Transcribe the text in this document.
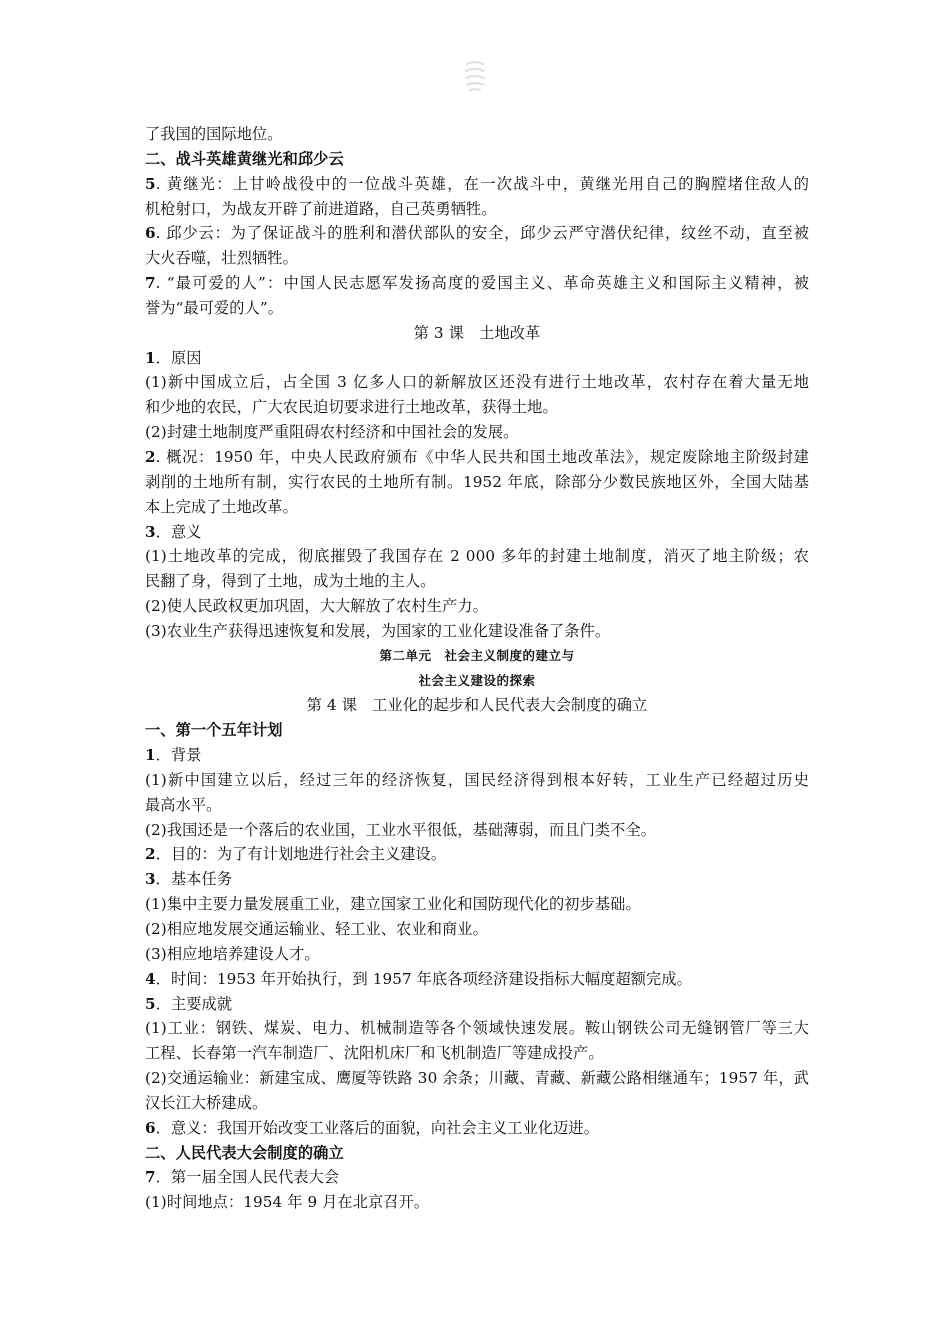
了我国的国际地位。
二、战斗英雄黄继光和邱少云
5. 黄继光：上甘岭战役中的一位战斗英雄，在一次战斗中，黄继光用自己的胸膛堵住敌人的
机枪射口，为战友开辟了前进道路，自己英勇牺牲。
6. 邱少云：为了保证战斗的胜利和潜伏部队的安全，邱少云严守潜伏纪律，纹丝不动，直至被
大火吞噬，壮烈牺牲。
7. “最可爱的人”：中国人民志愿军发扬高度的爱国主义、革命英雄主义和国际主义精神，被
誉为“最可爱的人”。
第 3 课　土地改革
1．原因
(1)新中国成立后，占全国 3 亿多人口的新解放区还没有进行土地改革，农村存在着大量无地
和少地的农民，广大农民迫切要求进行土地改革，获得土地。
(2)封建土地制度严重阻碍农村经济和中国社会的发展。
2. 概况：1950 年，中央人民政府颁布《中华人民共和国土地改革法》，规定废除地主阶级封建
剥削的土地所有制，实行农民的土地所有制。1952 年底，除部分少数民族地区外，全国大陆基
本上完成了土地改革。
3．意义
(1)土地改革的完成，彻底摧毁了我国存在 2 000 多年的封建土地制度，消灭了地主阶级；农
民翻了身，得到了土地，成为土地的主人。
(2)使人民政权更加巩固，大大解放了农村生产力。
(3)农业生产获得迅速恢复和发展，为国家的工业化建设准备了条件。
第二单元　社会主义制度的建立与
社会主义建设的探索
第 4 课　工业化的起步和人民代表大会制度的确立
一、第一个五年计划
1．背景
(1)新中国建立以后，经过三年的经济恢复，国民经济得到根本好转，工业生产已经超过历史
最高水平。
(2)我国还是一个落后的农业国，工业水平很低，基础薄弱，而且门类不全。
2．目的：为了有计划地进行社会主义建设。
3．基本任务
(1)集中主要力量发展重工业，建立国家工业化和国防现代化的初步基础。
(2)相应地发展交通运输业、轻工业、农业和商业。
(3)相应地培养建设人才。
4．时间：1953 年开始执行，到 1957 年底各项经济建设指标大幅度超额完成。
5．主要成就
(1)工业：钢铁、煤炭、电力、机械制造等各个领域快速发展。鞍山钢铁公司无缝钢管厂等三大
工程、长春第一汽车制造厂、沈阳机床厂和飞机制造厂等建成投产。
(2)交通运输业：新建宝成、鹰厦等铁路 30 余条；川藏、青藏、新藏公路相继通车；1957 年，武
汉长江大桥建成。
6．意义：我国开始改变工业落后的面貌，向社会主义工业化迈进。
二、人民代表大会制度的确立
7．第一届全国人民代表大会
(1)时间地点：1954 年 9 月在北京召开。
